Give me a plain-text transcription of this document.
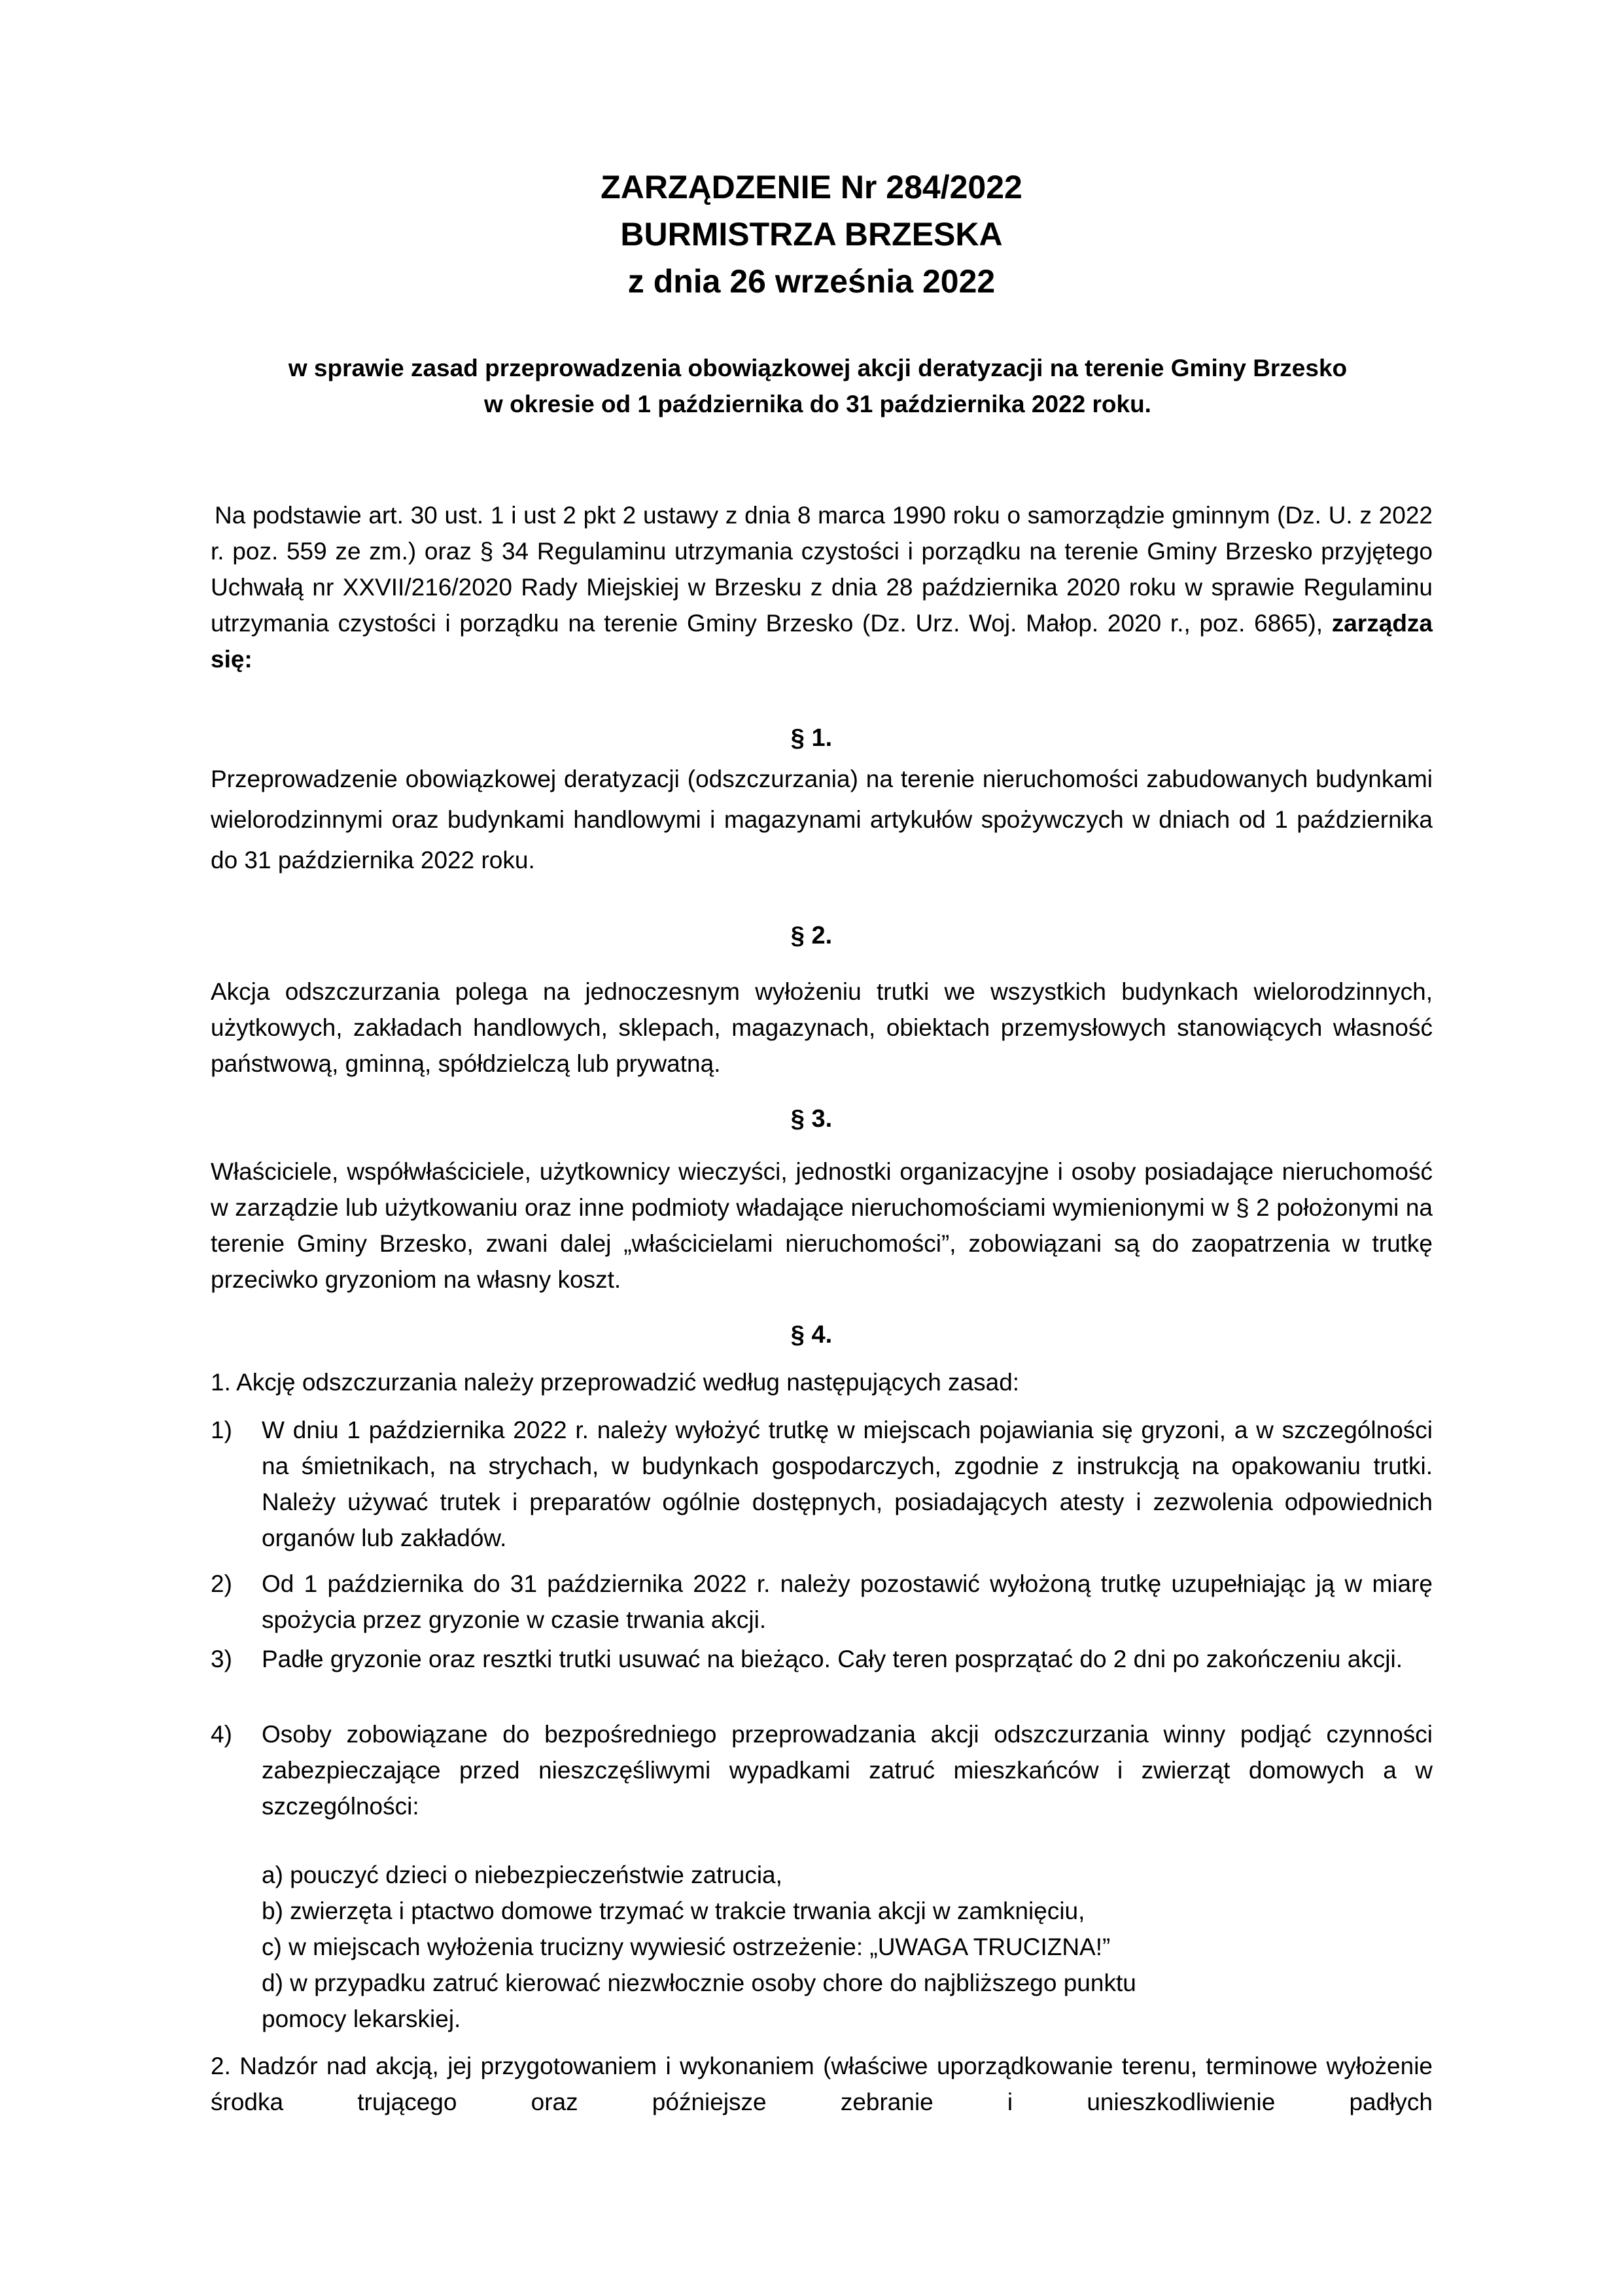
ZARZĄDZENIE Nr 284/2022
BURMISTRZA BRZESKA
z dnia 26 września 2022
w sprawie zasad przeprowadzenia obowiązkowej akcji deratyzacji na terenie Gminy Brzesko
w okresie od 1 października do 31 października 2022 roku.
Na podstawie art. 30 ust. 1 i ust 2 pkt 2 ustawy z dnia 8 marca 1990 roku o samorządzie gminnym (Dz. U. z 2022 r. poz. 559 ze zm.) oraz § 34 Regulaminu utrzymania czystości i porządku na terenie Gminy Brzesko przyjętego Uchwałą nr XXVII/216/2020 Rady Miejskiej w Brzesku z dnia 28 października 2020 roku w sprawie Regulaminu utrzymania czystości i porządku na terenie Gminy Brzesko (Dz. Urz. Woj. Małop. 2020 r., poz. 6865), zarządza się:
§ 1.
Przeprowadzenie obowiązkowej deratyzacji (odszczurzania) na terenie nieruchomości zabudowanych budynkami wielorodzinnymi oraz budynkami handlowymi i magazynami artykułów spożywczych w dniach od 1 października do 31 października 2022 roku.
§ 2.
Akcja odszczurzania polega na jednoczesnym wyłożeniu trutki we wszystkich budynkach wielorodzinnych, użytkowych, zakładach handlowych, sklepach, magazynach, obiektach przemysłowych stanowiących własność państwową, gminną, spółdzielczą lub prywatną.
§ 3.
Właściciele, współwłaściciele, użytkownicy wieczyści, jednostki organizacyjne i osoby posiadające nieruchomość w zarządzie lub użytkowaniu oraz inne podmioty władające nieruchomościami wymienionymi w § 2 położonymi na terenie Gminy Brzesko, zwani dalej „właścicielami nieruchomości”, zobowiązani są do zaopatrzenia w trutkę przeciwko gryzoniom na własny koszt.
§ 4.
1. Akcję odszczurzania należy przeprowadzić według następujących zasad:
1)	W dniu 1 października 2022 r. należy wyłożyć trutkę w miejscach pojawiania się gryzoni, a w szczególności na śmietnikach, na strychach, w budynkach gospodarczych, zgodnie z instrukcją na opakowaniu trutki. Należy używać trutek i preparatów ogólnie dostępnych, posiadających atesty i zezwolenia odpowiednich organów lub zakładów.
2)	Od 1 października do 31 października 2022 r. należy pozostawić wyłożoną trutkę uzupełniając ją w miarę spożycia przez gryzonie w czasie trwania akcji.
3)	Padłe gryzonie oraz resztki trutki usuwać na bieżąco. Cały teren posprzątać do 2 dni po zakończeniu akcji.
4)	Osoby zobowiązane do bezpośredniego przeprowadzania akcji odszczurzania winny podjąć czynności zabezpieczające przed nieszczęśliwymi wypadkami zatruć mieszkańców i zwierząt domowych a w szczególności:
a) pouczyć dzieci o niebezpieczeństwie zatrucia,
b) zwierzęta i ptactwo domowe trzymać w trakcie trwania akcji w zamknięciu,
c) w miejscach wyłożenia trucizny wywiesić ostrzeżenie: „UWAGA TRUCIZNA!”
d) w przypadku zatruć kierować niezwłocznie osoby chore do najbliższego punktu pomocy lekarskiej.
2. Nadzór nad akcją, jej przygotowaniem i wykonaniem (właściwe uporządkowanie terenu, terminowe wyłożenie środka trującego oraz późniejsze zebranie i unieszkodliwienie padłych
